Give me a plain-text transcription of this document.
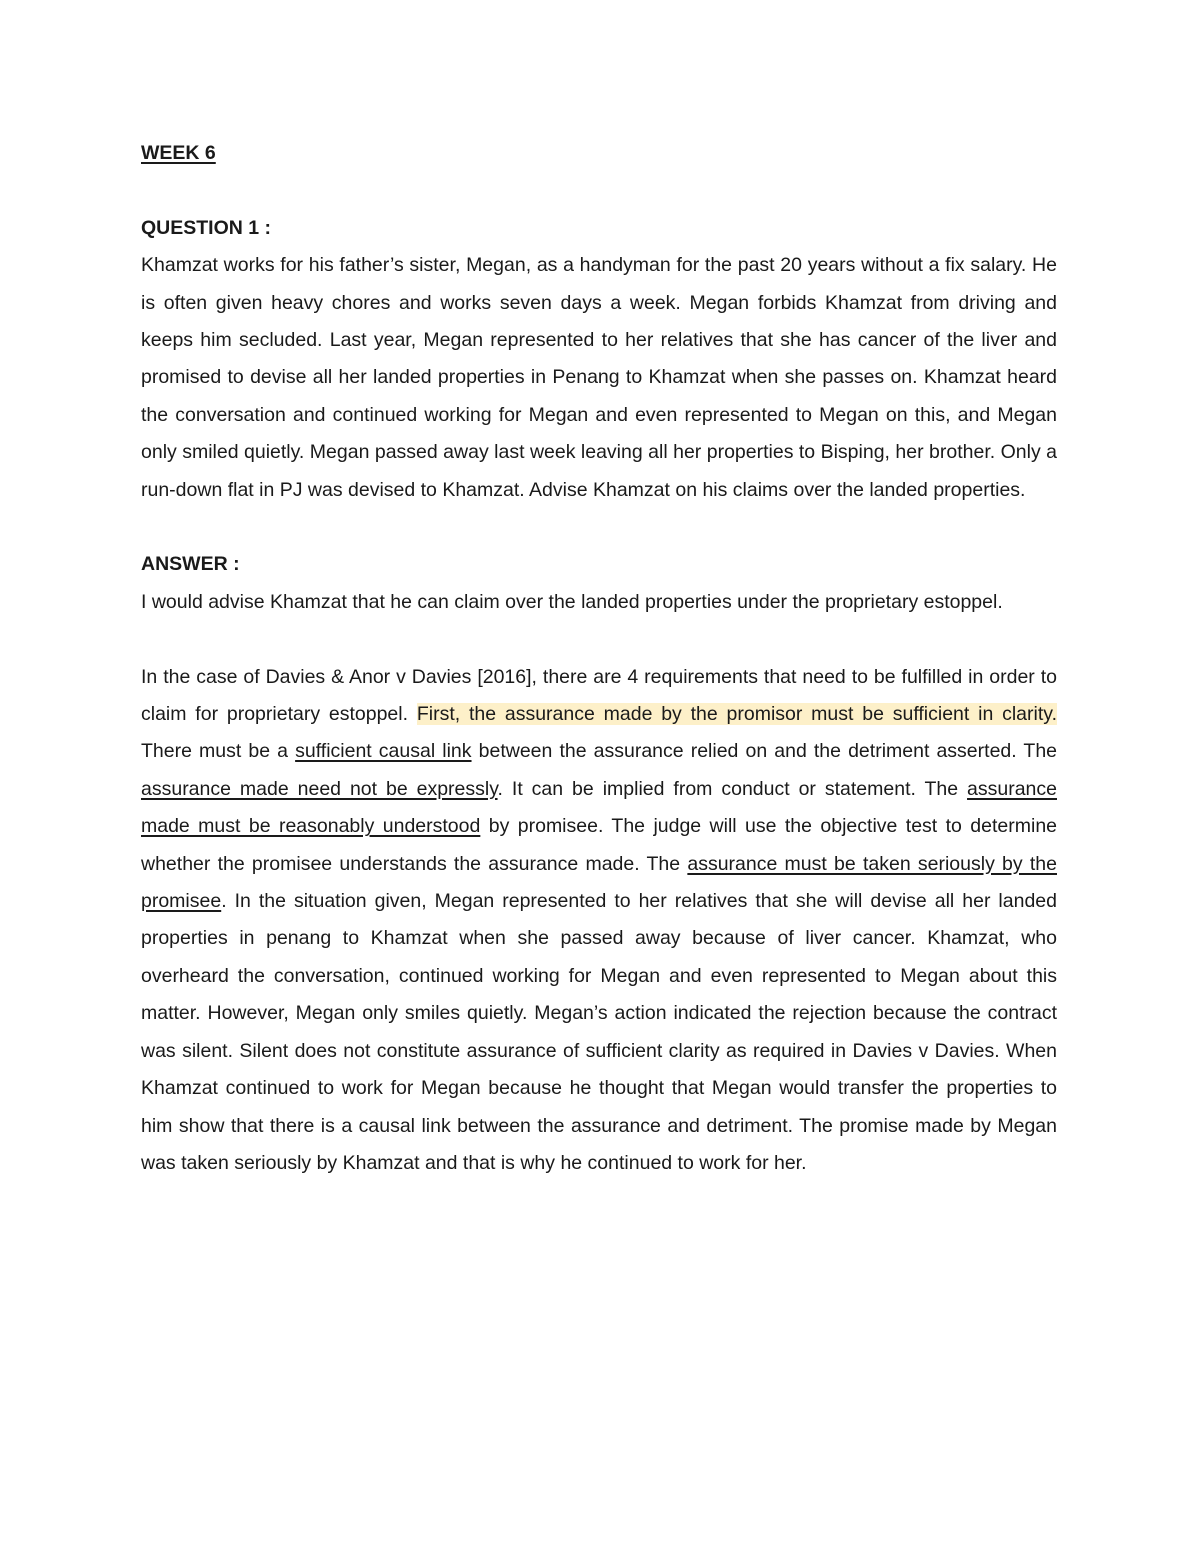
WEEK 6
QUESTION 1 :

Khamzat works for his father’s sister, Megan, as a handyman for the past 20 years without a fix salary. He is often given heavy chores and works seven days a week. Megan forbids Khamzat from driving and keeps him secluded. Last year, Megan represented to her relatives that she has cancer of the liver and promised to devise all her landed properties in Penang to Khamzat when she passes on. Khamzat heard the conversation and continued working for Megan and even represented to Megan on this, and Megan only smiled quietly. Megan passed away last week leaving all her properties to Bisping, her brother. Only a run-down flat in PJ was devised to Khamzat. Advise Khamzat on his claims over the landed properties.

ANSWER :

I would advise Khamzat that he can claim over the landed properties under the proprietary estoppel.

In the case of Davies & Anor v Davies [2016], there are 4 requirements that need to be fulfilled in order to claim for proprietary estoppel. First, the assurance made by the promisor must be sufficient in clarity. There must be a sufficient causal link between the assurance relied on and the detriment asserted. The assurance made need not be expressly. It can be implied from conduct or statement. The assurance made must be reasonably understood by promisee. The judge will use the objective test to determine whether the promisee understands the assurance made. The assurance must be taken seriously by the promisee. In the situation given, Megan represented to her relatives that she will devise all her landed properties in penang to Khamzat when she passed away because of liver cancer. Khamzat, who overheard the conversation, continued working for Megan and even represented to Megan about this matter. However, Megan only smiles quietly. Megan’s action indicated the rejection because the contract was silent. Silent does not constitute assurance of sufficient clarity as required in Davies v Davies. When Khamzat continued to work for Megan because he thought that Megan would transfer the properties to him show that there is a causal link between the assurance and detriment. The promise made by Megan was taken seriously by Khamzat and that is why he continued to work for her.
